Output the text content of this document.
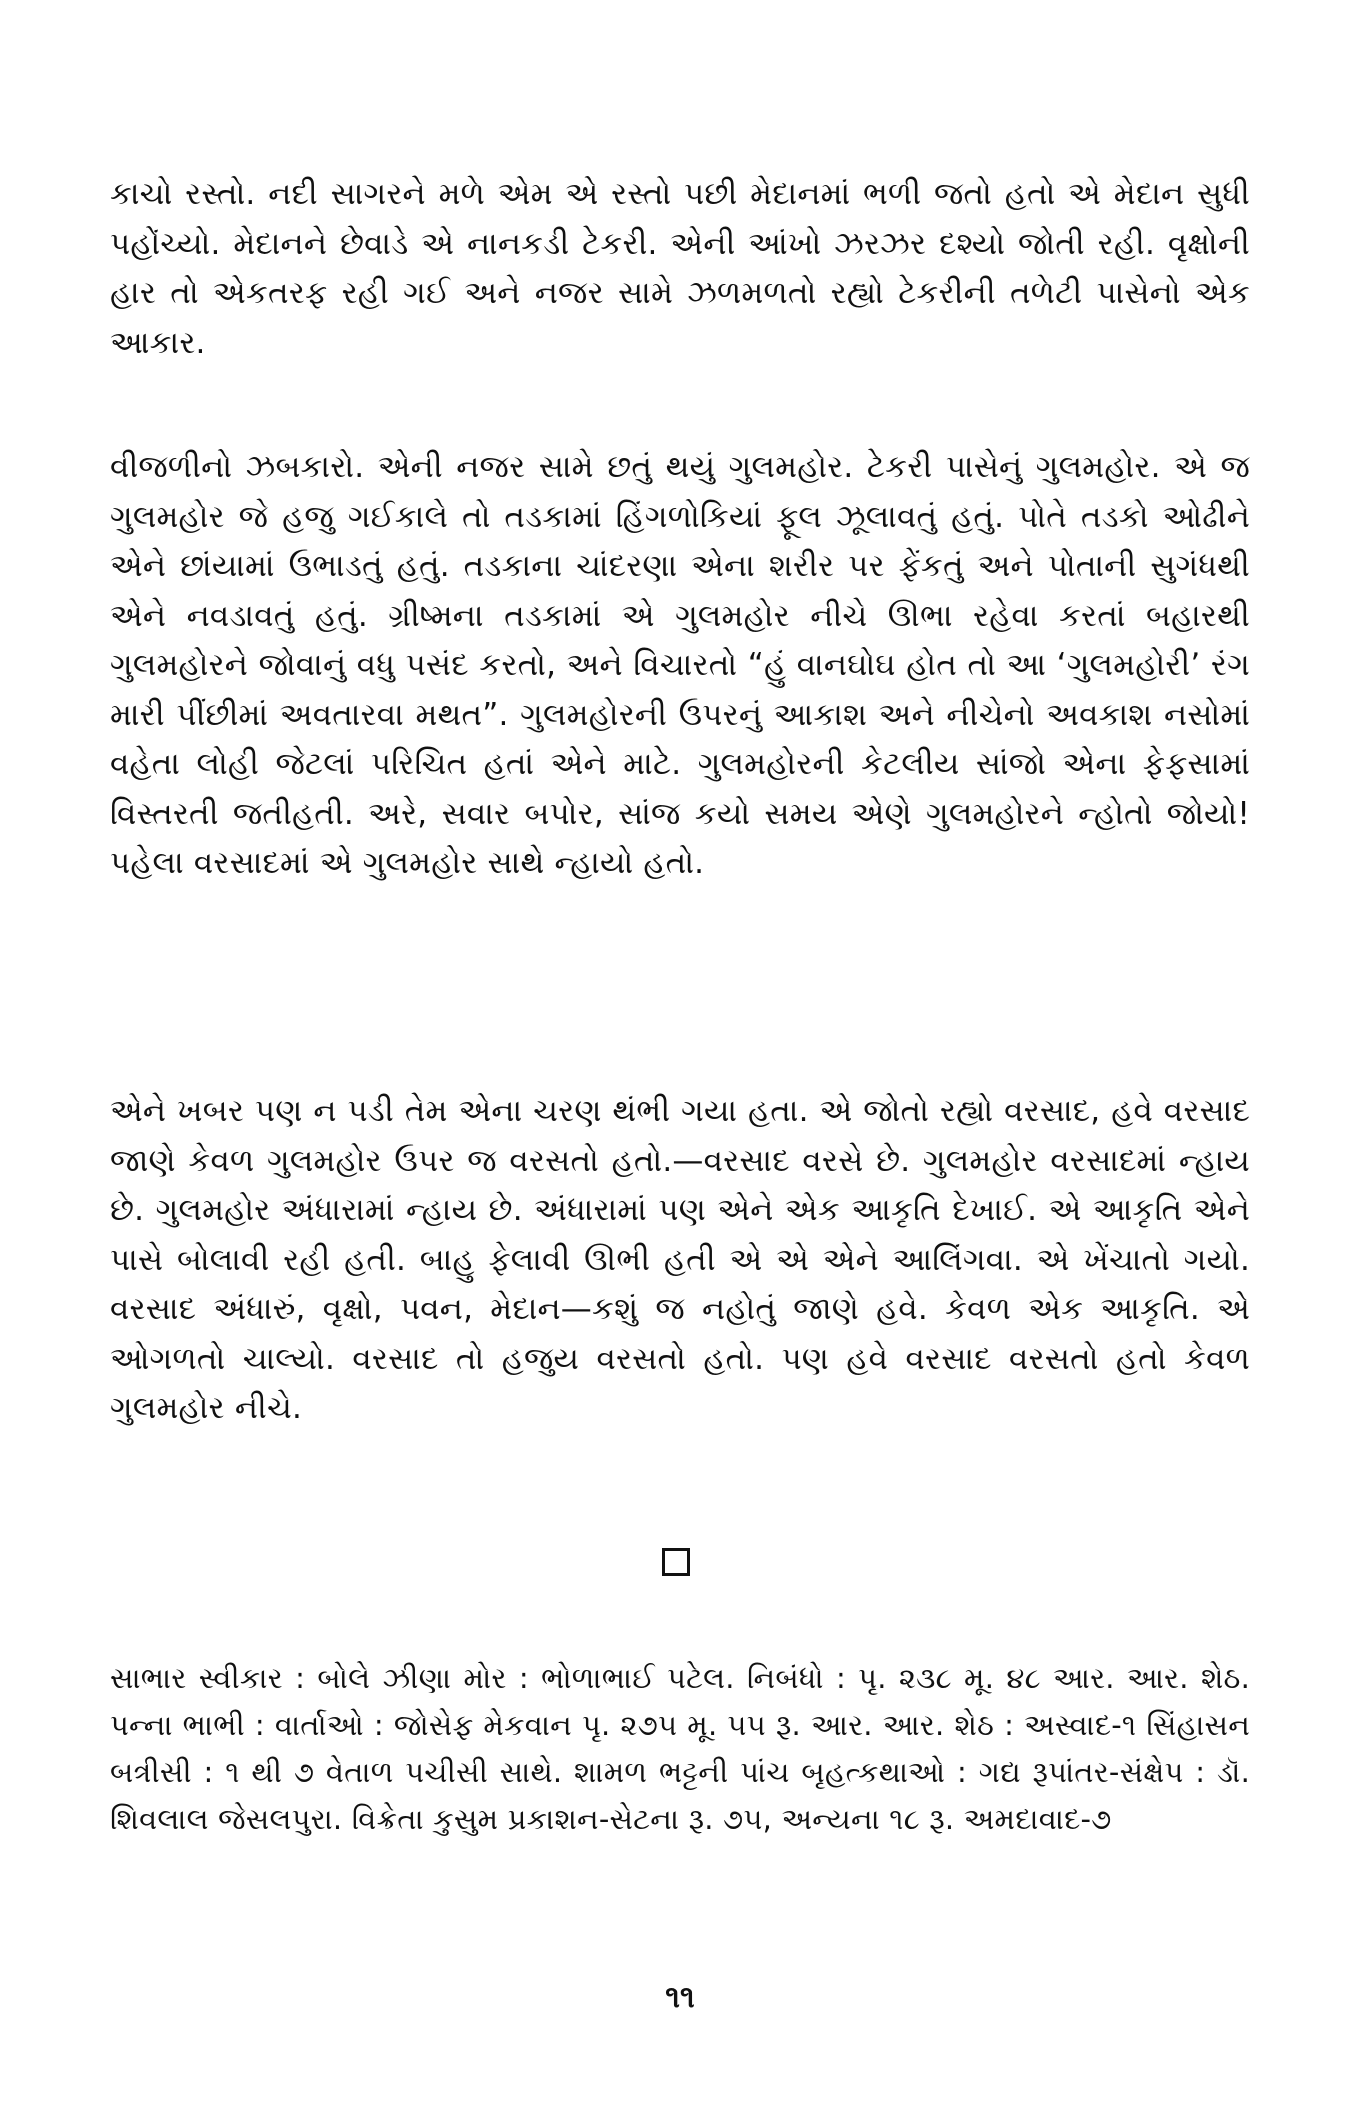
કાચો રસ્તો. નદી સાગરને મળે એમ એ રસ્તો પછી મેદાનમાં ભળી જતો હતો એ મેદાન સુધી પહોંચ્યો. મેદાનને છેવાડે એ નાનકડી ટેકરી. એની આંખો ઝરઝર દશ્યો જોતી રહી. વૃક્ષોની હાર તો એકતરફ રહી ગઈ અને નજર સામે ઝળમળતો રહ્યો ટેકરીની તળેટી પાસેનો એક આકાર.

વીજળીનો ઝબકારો. એની નજર સામે છતું થયું ગુલમહોર. ટેકરી પાસેનું ગુલમહોર. એ જ ગુલમહોર જે હજુ ગઈકાલે તો તડકામાં હિંગળોકિયાં ફૂલ ઝૂલાવતું હતું. પોતે તડકો ઓઢીને એને છાંયામાં ઉભાડતું હતું. તડકાના ચાંદરણા એના શરીર પર ફેંકતું અને પોતાની સુગંધથી એને નવડાવતું હતું. ગ્રીષ્મના તડકામાં એ ગુલમહોર નીચે ઊભા રહેવા કરતાં બહારથી ગુલમહોરને જોવાનું વધુ પસંદ કરતો, અને વિચારતો “હું વાનઘોઘ હોત તો આ ‘ગુલમહોરી’ રંગ મારી પીંછીમાં અવતારવા મથત”. ગુલમહોરની ઉપરનું આકાશ અને નીચેનો અવકાશ નસોમાં વહેતા લોહી જેટલાં પરિચિત હતાં એને માટે. ગુલમહોરની કેટલીય સાંજો એના ફેફસામાં વિસ્તરતી જતીહતી. અરે, સવાર બપોર, સાંજ કયો સમય એણે ગુલમહોરને ન્હોતો જોયો! પહેલા વરસાદમાં એ ગુલમહોર સાથે ન્હાયો હતો.

એને ખબર પણ ન પડી તેમ એના ચરણ થંભી ગયા હતા. એ જોતો રહ્યો વરસાદ, હવે વરસાદ જાણે કેવળ ગુલમહોર ઉપર જ વરસતો હતો.—વરસાદ વરસે છે. ગુલમહોર વરસાદમાં ન્હાય છે. ગુલમહોર અંધારામાં ન્હાય છે. અંધારામાં પણ એને એક આકૃતિ દેખાઈ. એ આકૃતિ એને પાસે બોલાવી રહી હતી. બાહુ ફેલાવી ઊભી હતી એ એ એને આલિંગવા. એ ખેંચાતો ગયો. વરસાદ અંધારું, વૃક્ષો, પવન, મેદાન—કશું જ નહોતું જાણે હવે. કેવળ એક આકૃતિ. એ ઓગળતો ચાલ્યો. વરસાદ તો હજુય વરસતો હતો. પણ હવે વરસાદ વરસતો હતો કેવળ ગુલમહોર નીચે.

સાભાર સ્વીકાર : બોલે ઝીણા મોર : ભોળાભાઈ પટેલ. નિબંધો : પૃ. ૨૩૮ મૂ. ૪૮ આર. આર. શેઠ. પન્ના ભાભી : વાર્તાઓ : જોસેફ મેકવાન પૃ. ૨૭૫ મૂ. ૫૫ રૂ. આર. આર. શેઠ : અસ્વાદ-૧ સિંહાસન બત્રીસી : ૧ થી ૭ વેતાળ પચીસી સાથે. શામળ ભટ્ટની પાંચ બૃહત્કથાઓ : ગદ્ય રૂપાંતર-સંક્ષેપ : ડૉ. શિવલાલ જેસલપુરા. વિક્રેતા કુસુમ પ્રકાશન-સેટના રૂ. ૭૫, અન્યના ૧૮ રૂ. અમદાવાદ-૭

૧૧
